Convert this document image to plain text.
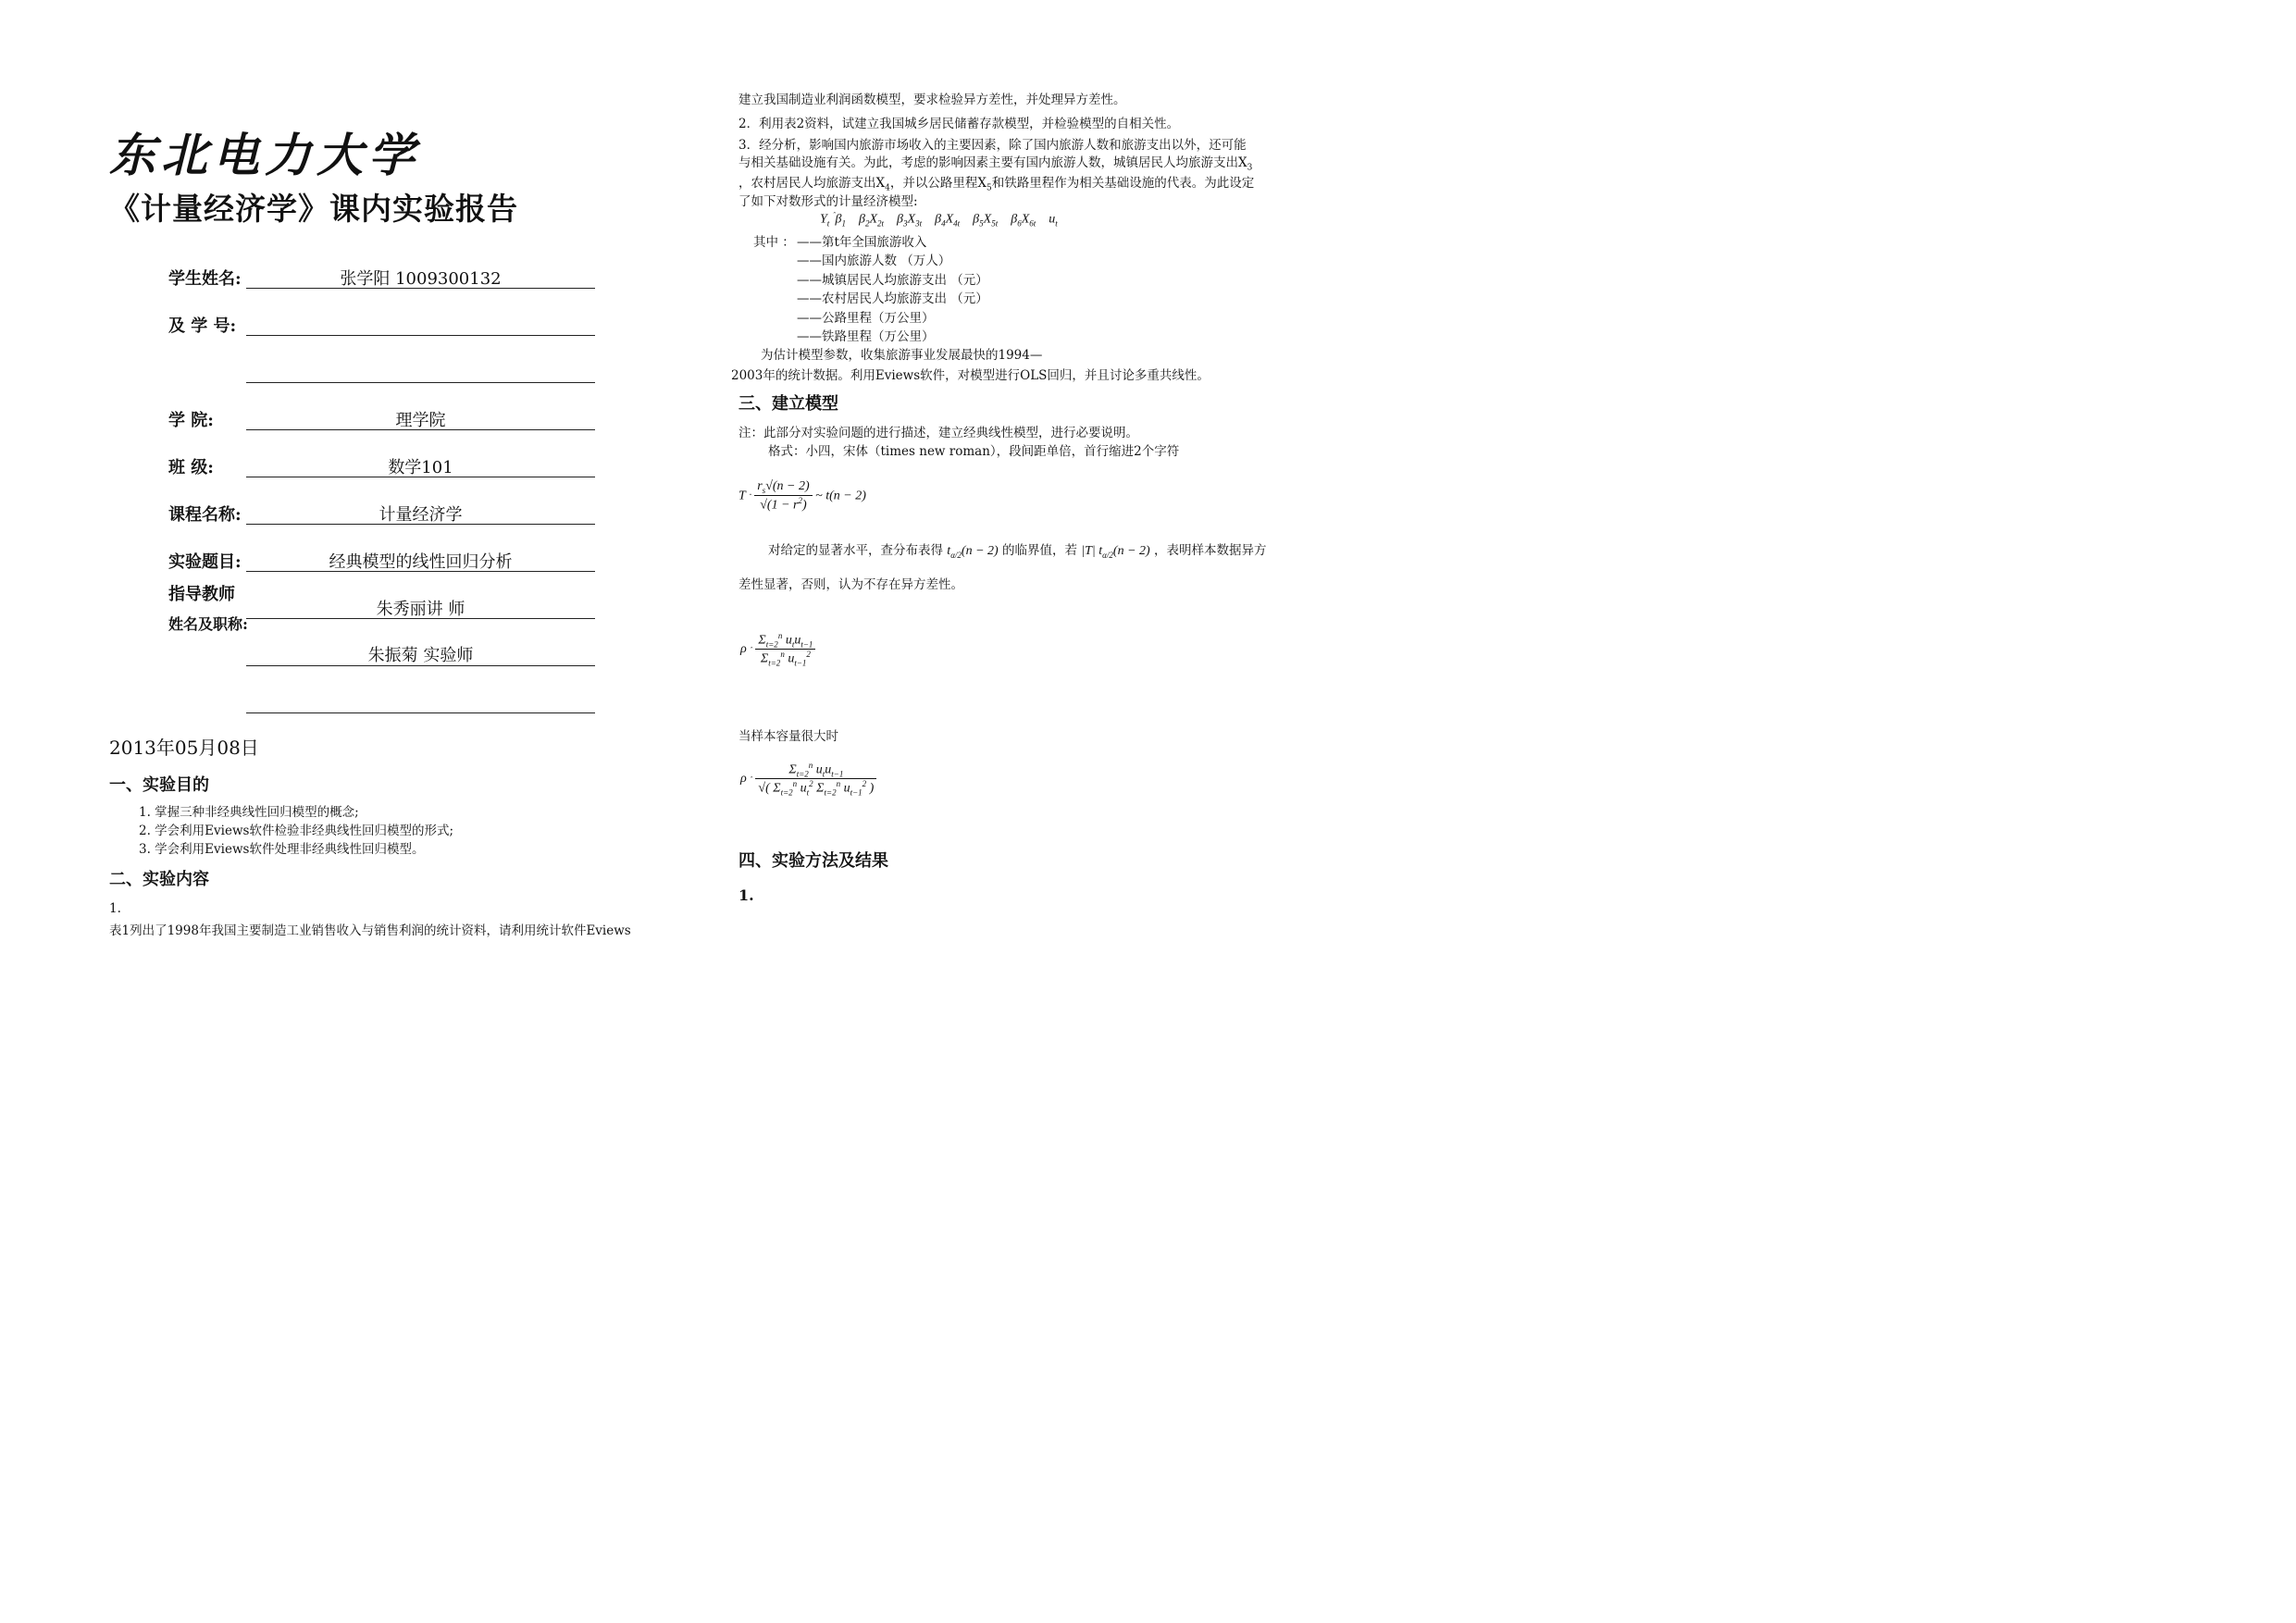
东北电力大学
《计量经济学》课内实验报告
学生姓名:	张学阳 1009300132
及 学 号:
学 院:	理学院
班 级:	数学101
课程名称:	计量经济学
实验题目:	经典模型的线性回归分析
指导教师
朱秀丽讲 师
姓名及职称:
朱振菊 实验师
2013年05月08日
一、实验目的
1. 掌握三种非经典线性回归模型的概念;
2. 学会利用Eviews软件检验非经典线性回归模型的形式;
3. 学会利用Eviews软件处理非经典线性回归模型。
二、实验内容
1.
表1列出了1998年我国主要制造工业销售收入与销售利润的统计资料，请利用统计软件Eviews
建立我国制造业利润函数模型，要求检验异方差性，并处理异方差性。
2．利用表2资料，试建立我国城乡居民储蓄存款模型，并检验模型的自相关性。
3．经分析，影响国内旅游市场收入的主要因素，除了国内旅游人数和旅游支出以外，还可能
与相关基础设施有关。为此，考虑的影响因素主要有国内旅游人数，城镇居民人均旅游支出$X_3$
，农村居民人均旅游支出$X_4$，并以公路里程$X_5$和铁路里程作为相关基础设施的代表。为此设定
了如下对数形式的计量经济模型:
$Y_t$ $^ˆ\beta_1$    $\beta_2X_{2t}$    $\beta_3X_{3t}$    $\beta_4X_{4t}$    $\beta_5X_{5t}$    $\beta_6X_{6t}$    $u_t$
其中 ： ——第t年全国旅游收入
——国内旅游人数 （万人）
——城镇居民人均旅游支出 （元）
——农村居民人均旅游支出 （元）
——公路里程（万公里）
——铁路里程（万公里）
为估计模型参数，收集旅游事业发展最快的1994—
2003年的统计数据。利用Eviews软件，对模型进行OLS回归，并且讨论多重共线性。
三、建立模型
注：此部分对实验问题的进行描述，建立经典线性模型，进行必要说明。
格式：小四，宋体（times new roman），段间距单倍，首行缩进2个字符
T ˆ $\frac{r_s√(n - 2)}{√(1 - r^2)}$ ~ t(n − 2)
对给定的显著水平，查分布表得 $t_{\alpha/2}(n - 2)$ 的临界值，若 |T| $t_{\alpha/2}(n - 2)$ ，表明样本数据异方
差性显著，否则，认为不存在异方差性。
ρ ˆ $\frac{\Sigma_{t=2}^n u_tu_{t-1}}{\Sigma_{t=2}^n u_{t-1}^2}$
当样本容量很大时
ρ ˆ $\frac{\Sigma_{t=2}^n u_tu_{t-1}}{√( \Sigma_{t=2}^n u_t^2 \Sigma_{t=2}^n u_{t-1}^2 )}$
四、实验方法及结果
1.
